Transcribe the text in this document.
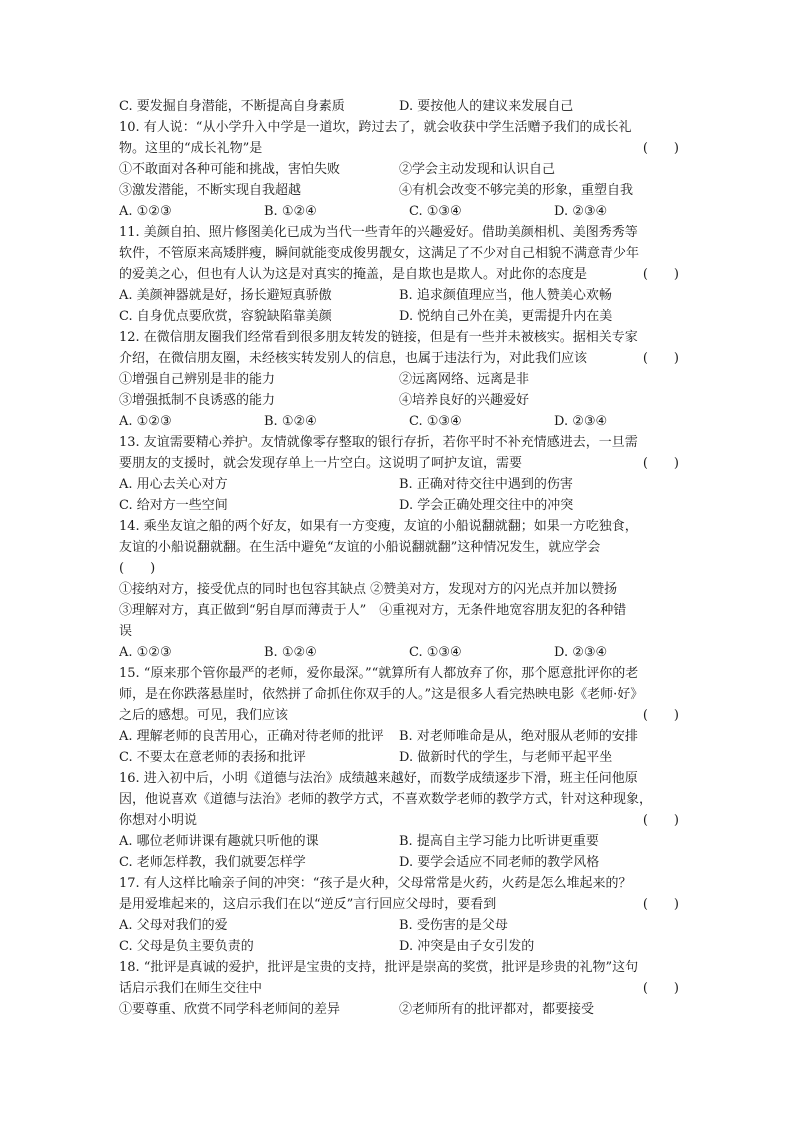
C. 要发掘自身潜能，不断提高自身素质	D. 要按他人的建议来发展自己
10. 有人说：“从小学升入中学是一道坎，跨过去了，就会收获中学生活赠予我们的成长礼
物。这里的“成长礼物”是	(　　)
①不敢面对各种可能和挑战，害怕失败	②学会主动发现和认识自己
③激发潜能，不断实现自我超越	④有机会改变不够完美的形象，重塑自我
A. ①②③	B. ①②④	C. ①③④	D. ②③④
11. 美颜自拍、照片修图美化已成为当代一些青年的兴趣爱好。借助美颜相机、美图秀秀等
软件，不管原来高矮胖瘦，瞬间就能变成俊男靓女，这满足了不少对自己相貌不满意青少年
的爱美之心，但也有人认为这是对真实的掩盖，是自欺也是欺人。对此你的态度是	(　　)
A. 美颜神器就是好，扬长避短真骄傲	B. 追求颜值理应当，他人赞美心欢畅
C. 自身优点要欣赏，容貌缺陷靠美颜	D. 悦纳自己外在美，更需提升内在美
12. 在微信朋友圈我们经常看到很多朋友转发的链接，但是有一些并未被核实。据相关专家
介绍，在微信朋友圈，未经核实转发别人的信息，也属于违法行为，对此我们应该	(　　)
①增强自己辨别是非的能力	②远离网络、远离是非
③增强抵制不良诱惑的能力	④培养良好的兴趣爱好
A. ①②③	B. ①②④	C. ①③④	D. ②③④
13. 友谊需要精心养护。友情就像零存整取的银行存折，若你平时不补充情感进去，一旦需
要朋友的支援时，就会发现存单上一片空白。这说明了呵护友谊，需要	(　　)
A. 用心去关心对方	B. 正确对待交往中遇到的伤害
C. 给对方一些空间	D. 学会正确处理交往中的冲突
14. 乘坐友谊之船的两个好友，如果有一方变瘦，友谊的小船说翻就翻；如果一方吃独食，
友谊的小船说翻就翻。在生活中避免“友谊的小船说翻就翻”这种情况发生，就应学会
(　　)
①接纳对方，接受优点的同时也包容其缺点 ②赞美对方，发现对方的闪光点并加以赞扬
③理解对方，真正做到“躬自厚而薄责于人”　④重视对方，无条件地宽容朋友犯的各种错
误
A. ①②③	B. ①②④	C. ①③④	D. ②③④
15. “原来那个管你最严的老师，爱你最深。”“就算所有人都放弃了你，那个愿意批评你的老
师，是在你跌落悬崖时，依然拼了命抓住你双手的人。”这是很多人看完热映电影《老师·好》
之后的感想。可见，我们应该	(　　)
A. 理解老师的良苦用心，正确对待老师的批评	B. 对老师唯命是从，绝对服从老师的安排
C. 不要太在意老师的表扬和批评	D. 做新时代的学生，与老师平起平坐
16. 进入初中后，小明《道德与法治》成绩越来越好，而数学成绩逐步下滑，班主任问他原
因，他说喜欢《道德与法治》老师的教学方式，不喜欢数学老师的教学方式，针对这种现象，
你想对小明说	(　　)
A. 哪位老师讲课有趣就只听他的课	B. 提高自主学习能力比听讲更重要
C. 老师怎样教，我们就要怎样学	D. 要学会适应不同老师的教学风格
17. 有人这样比喻亲子间的冲突：“孩子是火种，父母常常是火药，火药是怎么堆起来的？
是用爱堆起来的，这启示我们在以“逆反”言行回应父母时，要看到	(　　)
A. 父母对我们的爱	B. 受伤害的是父母
C. 父母是负主要负责的	D. 冲突是由子女引发的
18. “批评是真诚的爱护，批评是宝贵的支持，批评是崇高的奖赏，批评是珍贵的礼物”这句
话启示我们在师生交往中	(　　)
①要尊重、欣赏不同学科老师间的差异	②老师所有的批评都对，都要接受
